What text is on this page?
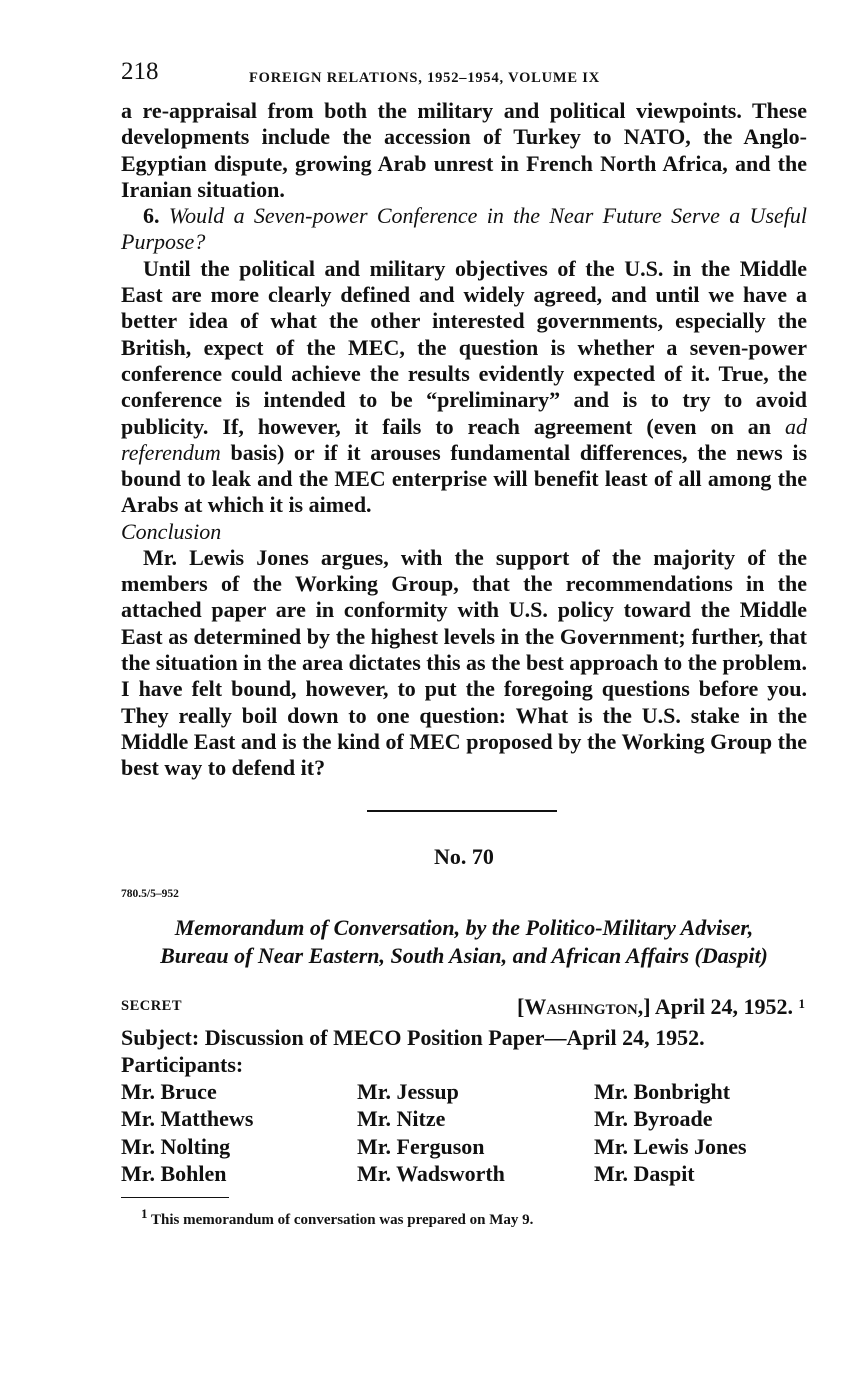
218	FOREIGN RELATIONS, 1952–1954, VOLUME IX

a re-appraisal from both the military and political viewpoints. These developments include the accession of Turkey to NATO, the Anglo-Egyptian dispute, growing Arab unrest in French North Africa, and the Iranian situation.

6. Would a Seven-power Conference in the Near Future Serve a Useful Purpose?

Until the political and military objectives of the U.S. in the Middle East are more clearly defined and widely agreed, and until we have a better idea of what the other interested governments, especially the British, expect of the MEC, the question is whether a seven-power conference could achieve the results evidently expected of it. True, the conference is intended to be “preliminary” and is to try to avoid publicity. If, however, it fails to reach agreement (even on an ad referendum basis) or if it arouses fundamental differences, the news is bound to leak and the MEC enterprise will benefit least of all among the Arabs at which it is aimed.

Conclusion

Mr. Lewis Jones argues, with the support of the majority of the members of the Working Group, that the recommendations in the attached paper are in conformity with U.S. policy toward the Middle East as determined by the highest levels in the Government; further, that the situation in the area dictates this as the best approach to the problem. I have felt bound, however, to put the foregoing questions before you. They really boil down to one question: What is the U.S. stake in the Middle East and is the kind of MEC proposed by the Working Group the best way to defend it?

No. 70
780.5/5–952
Memorandum of Conversation, by the Politico-Military Adviser,
Bureau of Near Eastern, South Asian, and African Affairs (Daspit)
SECRET	[Washington,] April 24, 1952. $^1$
Subject: Discussion of MECO Position Paper—April 24, 1952.
Participants:
Mr. Bruce	Mr. Jessup	Mr. Bonbright
Mr. Matthews	Mr. Nitze	Mr. Byroade
Mr. Nolting	Mr. Ferguson	Mr. Lewis Jones
Mr. Bohlen	Mr. Wadsworth	Mr. Daspit
$^1$ This memorandum of conversation was prepared on May 9.
